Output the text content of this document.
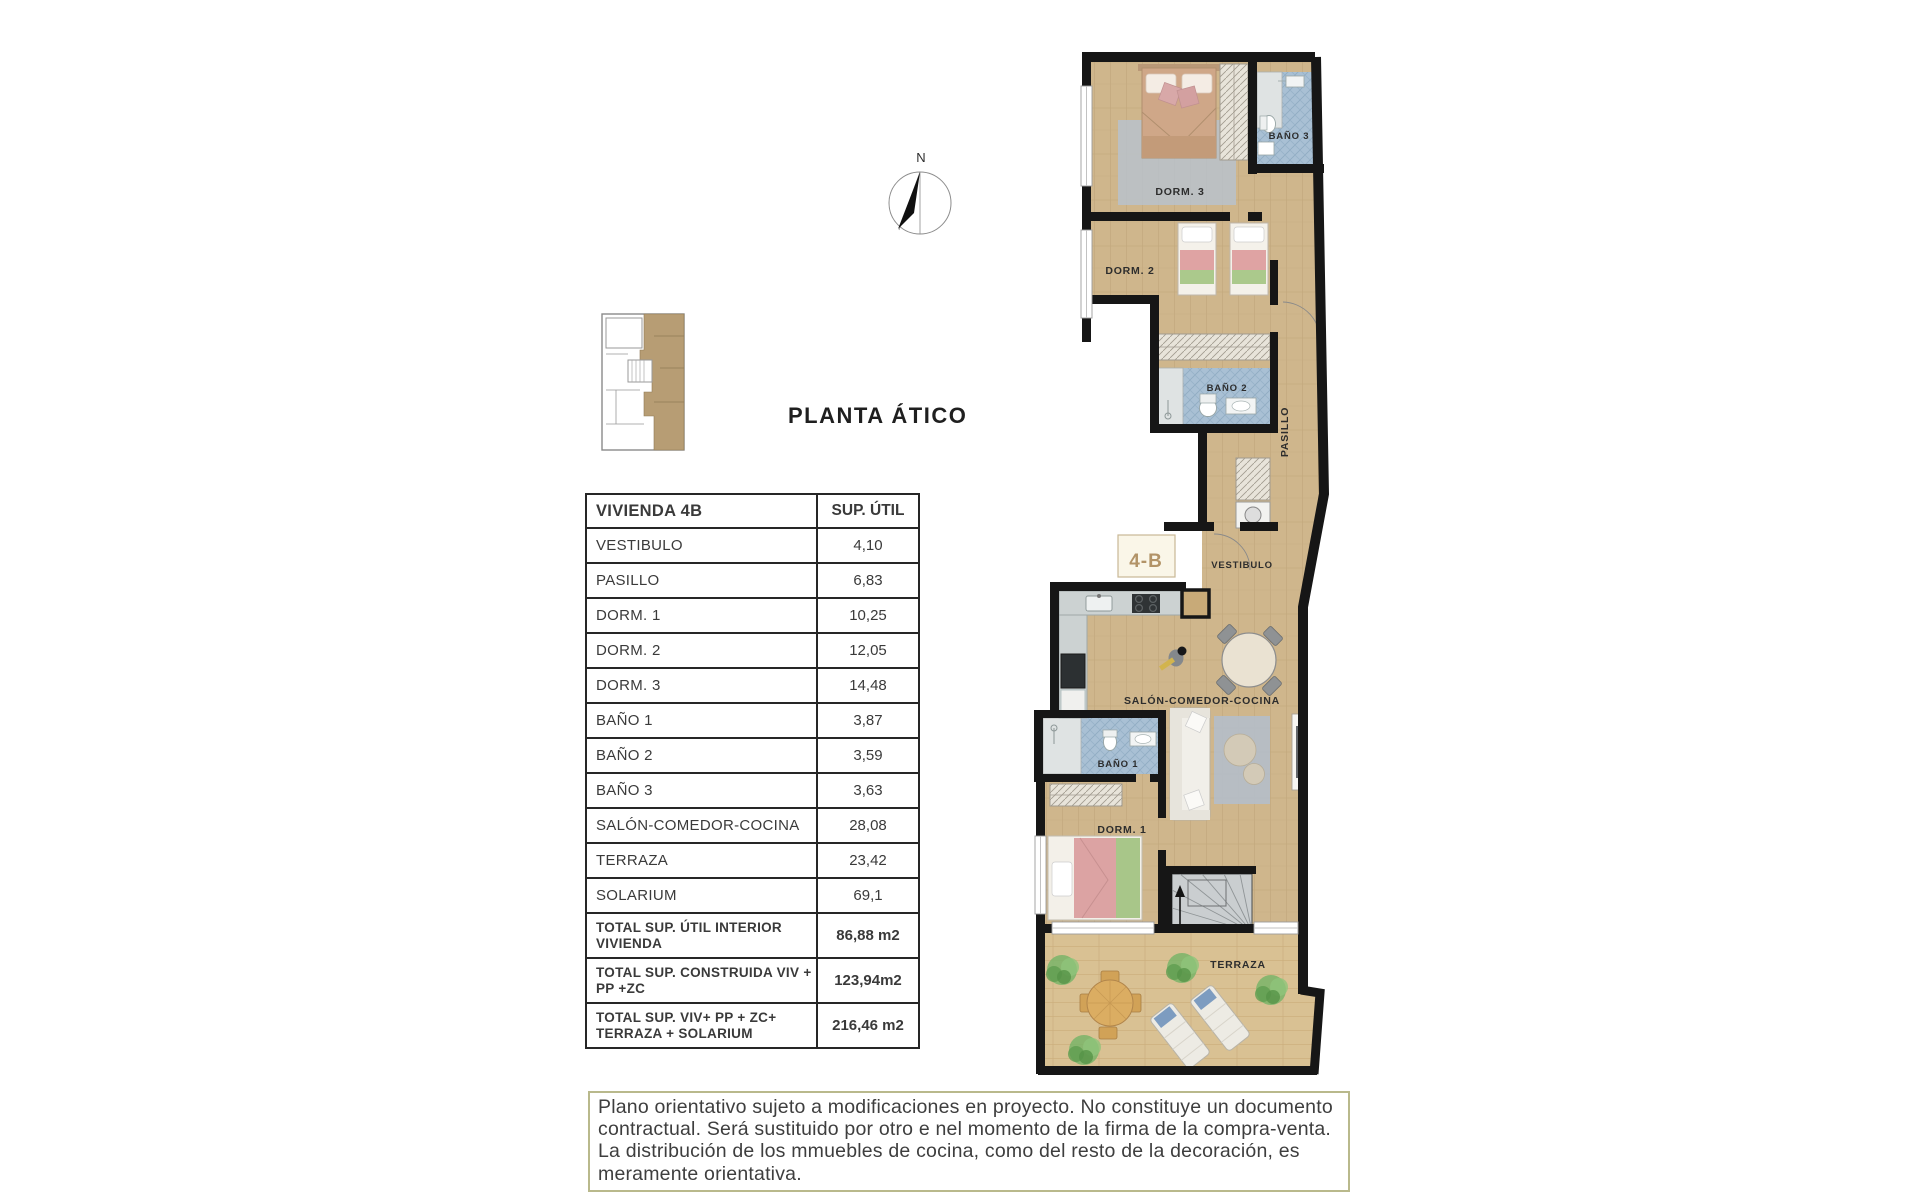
N
PLANTA ÁTICO
VIVIENDA 4B	SUP. ÚTIL
VESTIBULO	4,10
PASILLO	6,83
DORM. 1	10,25
DORM. 2	12,05
DORM. 3	14,48
BAÑO 1	3,87
BAÑO 2	3,59
BAÑO 3	3,63
SALÓN-COMEDOR-COCINA	28,08
TERRAZA	23,42
SOLARIUM	69,1
TOTAL SUP. ÚTIL INTERIOR VIVIENDA	86,88 m2
TOTAL SUP. CONSTRUIDA VIV + PP +ZC	123,94m2
TOTAL SUP. VIV+ PP + ZC+ TERRAZA + SOLARIUM	216,46 m2
4-B
DORM. 3
BAÑO 3
DORM. 2
BAÑO 2
PASILLO
VESTIBULO
SALÓN-COMEDOR-COCINA
BAÑO 1
DORM. 1
TERRAZA
Plano orientativo sujeto a modificaciones en proyecto. No constituye un documento contractual. Será sustituido por otro e nel momento de la firma de la compra-venta. La distribución de los mmuebles de cocina, como del resto de la decoración, es meramente orientativa.
